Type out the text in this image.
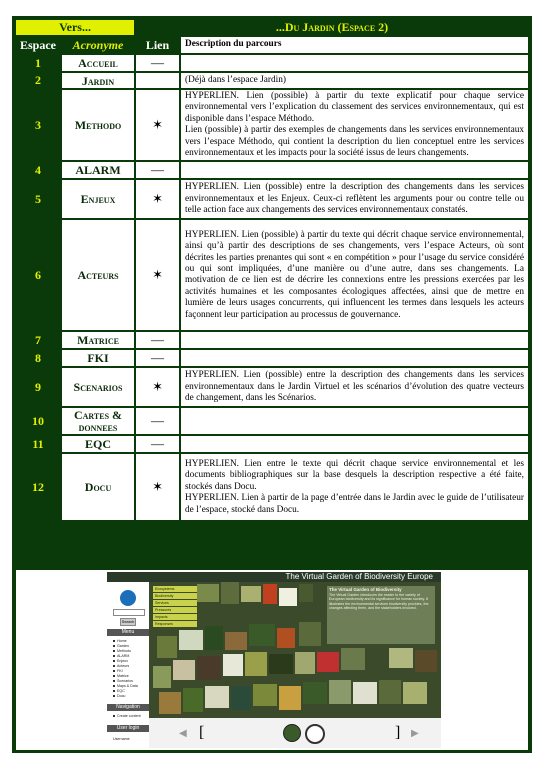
Vers...		...Du Jardin (Espace 2)	
Espace	Acronyme	Lien	Description du parcours
1	Accueil	—	
2	Jardin		(Déjà dans l’espace Jardin)

3	Methodo	✶	HYPERLIEN. Lien (possible) à partir du texte explicatif pour chaque service environnemental vers l’explication du classement des services environnementaux, qui est disponible dans l’espace Méthodo.

Lien (possible) à partir des exemples de changements dans les services environnementaux vers l’espace Méthodo, qui contient la description du lien conceptuel entre les services environnementaux et les impacts pour la société issus de leurs changements.

4	ALARM	—	
5	Enjeux	✶	HYPERLIEN. Lien (possible) entre la description des changements dans les services environnementaux et les Enjeux. Ceux-ci reflètent les arguments pour ou contre telle ou telle action face aux changements des services environnementaux constatés.

6	Acteurs	✶	HYPERLIEN. Lien (possible) à partir du texte qui décrit chaque service environnemental, ainsi qu’à partir des descriptions de ses changements, vers l’espace Acteurs, où sont décrites les parties prenantes qui sont « en compétition » pour l’usage du service considéré ou qui sont impliquées, d’une manière ou d’une autre, dans ses changements. La motivation de ce lien est de décrire les connexions entre les pressions exercées par les activités humaines et les composantes écologiques affectées, ainsi que de mettre en lumière de leurs usages concurrents, qui influencent les termes dans lesquels les acteurs façonnent leur participation au processus de gouvernance.

7	Matrice	—	
8	FKI	—	
9	Scenarios	✶	HYPERLIEN. Lien (possible) entre la description des changements dans les services environnementaux dans le Jardin Virtuel et les scénarios d’évolution des quatre vecteurs de changement, dans les Scénarios.

10	Cartes & donnees	—	
11	EQC	—	
12	Docu	✶	HYPERLIEN. Lien entre le texte qui décrit chaque service environnemental et les documents bibliographiques sur la base desquels la description respective a été faite, stockés dans Docu.

HYPERLIEN. Lien à partir de la page d’entrée dans le Jardin avec le guide de l’utilisateur de l’espace, stocké dans Docu.

The Virtual Garden of Biodiversity Europe
Search
Menu
Home
Garden
Methodo
ALARM
Enjeux
Acteurs
FKI
Matrice
Scenarios
Maps & Data
EQC
Docu
Navigation
Create content
User login
Username
Ecosystems
Biodiversity
Services
Pressures
Impacts
Responses
The Virtual Garden of Biodiversity
The Virtual Garden introduces the reader to the variety of European biodiversity and its significance for human society. It illustrates the environmental services biodiversity provides, the changes affecting them, and the stakeholders involved.
◀ [	] ▶
